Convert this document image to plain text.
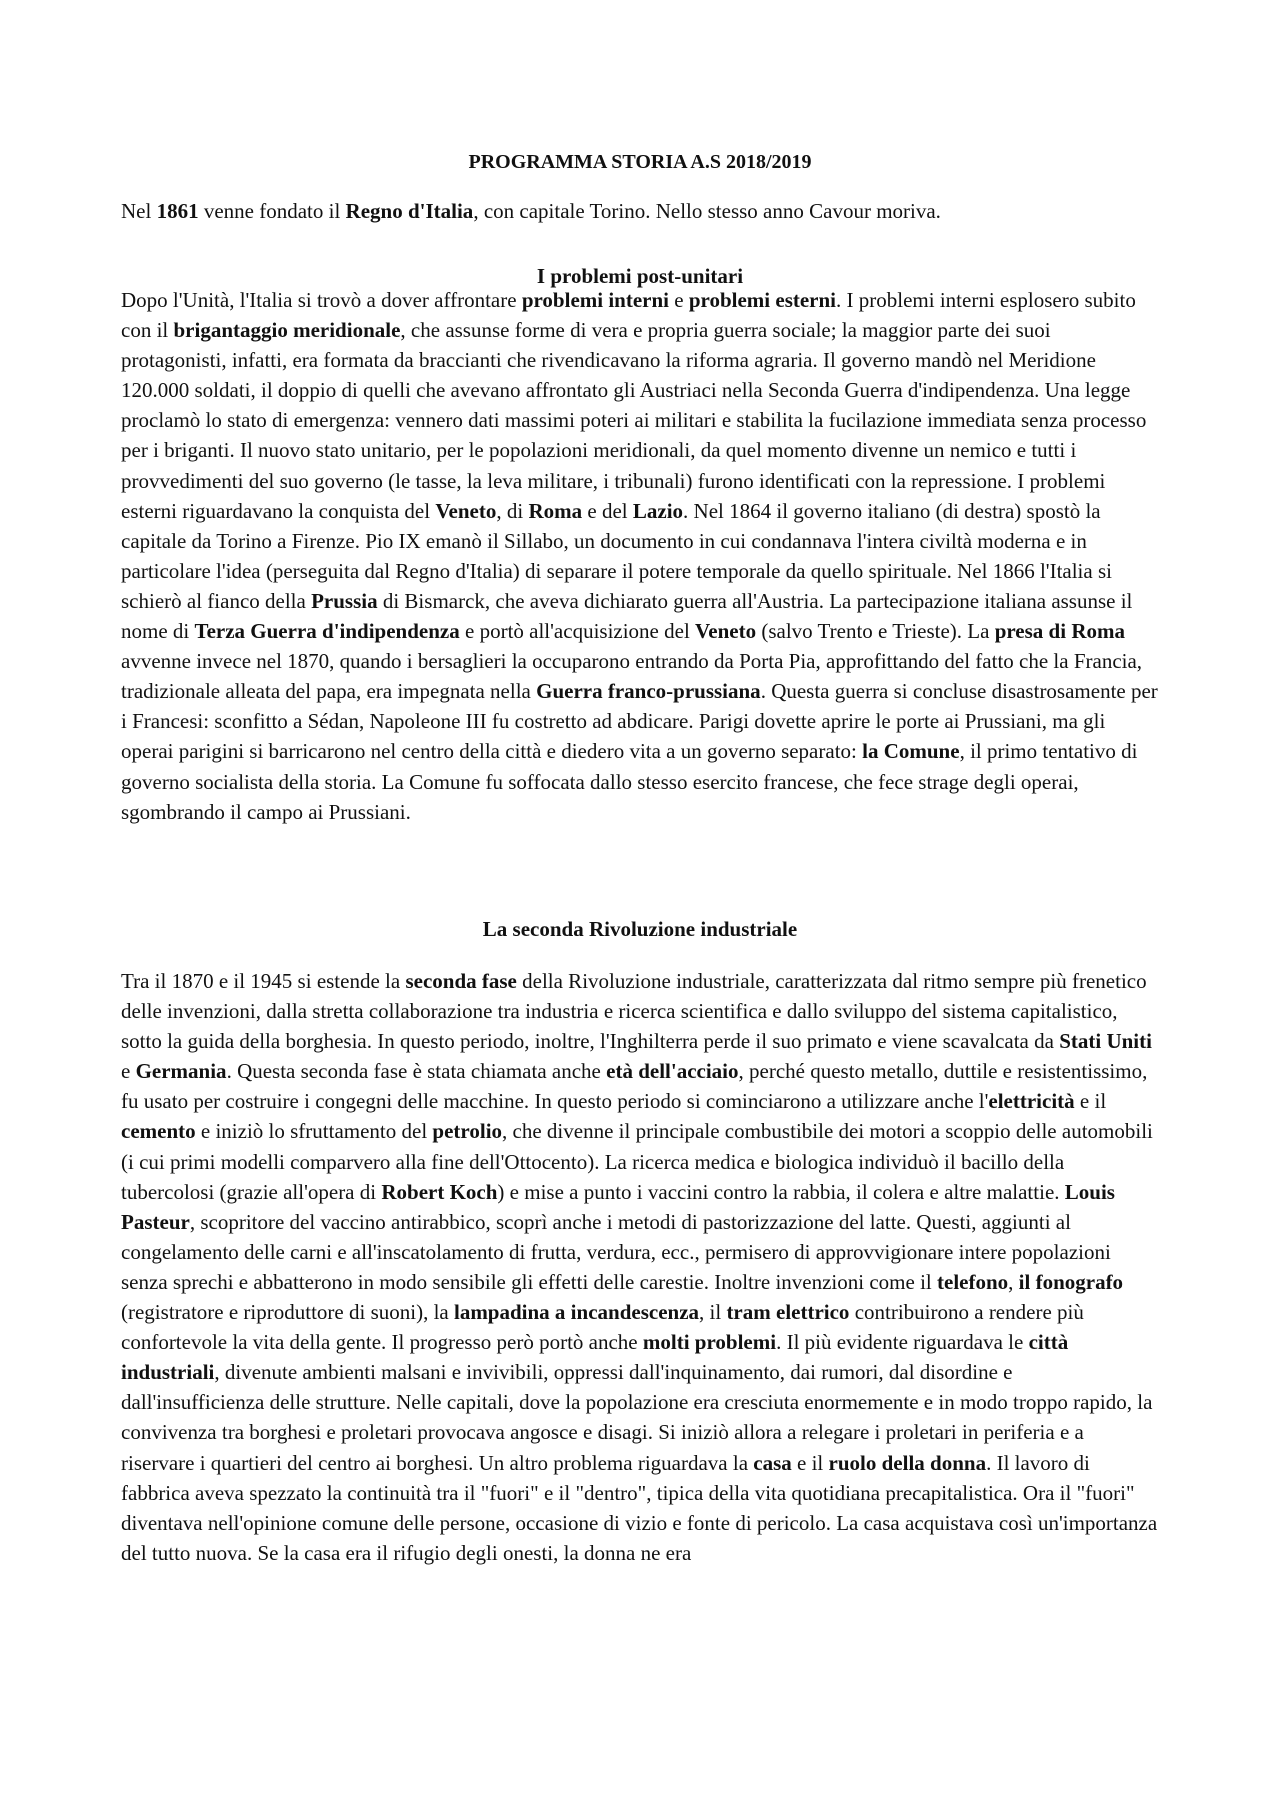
PROGRAMMA STORIA A.S 2018/2019

Nel 1861 venne fondato il Regno d'Italia, con capitale Torino. Nello stesso anno Cavour moriva.

I problemi post-unitari

Dopo l'Unità, l'Italia si trovò a dover affrontare problemi interni e problemi esterni. I problemi interni esplosero subito con il brigantaggio meridionale, che assunse forme di vera e propria guerra sociale; la maggior parte dei suoi protagonisti, infatti, era formata da braccianti che rivendicavano la riforma agraria. Il governo mandò nel Meridione 120.000 soldati, il doppio di quelli che avevano affrontato gli Austriaci nella Seconda Guerra d'indipendenza. Una legge proclamò lo stato di emergenza: vennero dati massimi poteri ai militari e stabilita la fucilazione immediata senza processo per i briganti. Il nuovo stato unitario, per le popolazioni meridionali, da quel momento divenne un nemico e tutti i provvedimenti del suo governo (le tasse, la leva militare, i tribunali) furono identificati con la repressione. I problemi esterni riguardavano la conquista del Veneto, di Roma e del Lazio. Nel 1864 il governo italiano (di destra) spostò la capitale da Torino a Firenze. Pio IX emanò il Sillabo, un documento in cui condannava l'intera civiltà moderna e in particolare l'idea (perseguita dal Regno d'Italia) di separare il potere temporale da quello spirituale. Nel 1866 l'Italia si schierò al fianco della Prussia di Bismarck, che aveva dichiarato guerra all'Austria. La partecipazione italiana assunse il nome di Terza Guerra d'indipendenza e portò all'acquisizione del Veneto (salvo Trento e Trieste). La presa di Roma avvenne invece nel 1870, quando i bersaglieri la occuparono entrando da Porta Pia, approfittando del fatto che la Francia, tradizionale alleata del papa, era impegnata nella Guerra franco-prussiana. Questa guerra si concluse disastrosamente per i Francesi: sconfitto a Sédan, Napoleone III fu costretto ad abdicare. Parigi dovette aprire le porte ai Prussiani, ma gli operai parigini si barricarono nel centro della città e diedero vita a un governo separato: la Comune, il primo tentativo di governo socialista della storia. La Comune fu soffocata dallo stesso esercito francese, che fece strage degli operai, sgombrando il campo ai Prussiani.

La seconda Rivoluzione industriale

Tra il 1870 e il 1945 si estende la seconda fase della Rivoluzione industriale, caratterizzata dal ritmo sempre più frenetico delle invenzioni, dalla stretta collaborazione tra industria e ricerca scientifica e dallo sviluppo del sistema capitalistico, sotto la guida della borghesia. In questo periodo, inoltre, l'Inghilterra perde il suo primato e viene scavalcata da Stati Uniti e Germania. Questa seconda fase è stata chiamata anche età dell'acciaio, perché questo metallo, duttile e resistentissimo, fu usato per costruire i congegni delle macchine. In questo periodo si cominciarono a utilizzare anche l'elettricità e il cemento e iniziò lo sfruttamento del petrolio, che divenne il principale combustibile dei motori a scoppio delle automobili (i cui primi modelli comparvero alla fine dell'Ottocento). La ricerca medica e biologica individuò il bacillo della tubercolosi (grazie all'opera di Robert Koch) e mise a punto i vaccini contro la rabbia, il colera e altre malattie. Louis Pasteur, scopritore del vaccino antirabbico, scoprì anche i metodi di pastorizzazione del latte. Questi, aggiunti al congelamento delle carni e all'inscatolamento di frutta, verdura, ecc., permisero di approvvigionare intere popolazioni senza sprechi e abbatterono in modo sensibile gli effetti delle carestie. Inoltre invenzioni come il telefono, il fonografo (registratore e riproduttore di suoni), la lampadina a incandescenza, il tram elettrico contribuirono a rendere più confortevole la vita della gente. Il progresso però portò anche molti problemi. Il più evidente riguardava le città industriali, divenute ambienti malsani e invivibili, oppressi dall'inquinamento, dai rumori, dal disordine e dall'insufficienza delle strutture. Nelle capitali, dove la popolazione era cresciuta enormemente e in modo troppo rapido, la convivenza tra borghesi e proletari provocava angosce e disagi. Si iniziò allora a relegare i proletari in periferia e a riservare i quartieri del centro ai borghesi. Un altro problema riguardava la casa e il ruolo della donna. Il lavoro di fabbrica aveva spezzato la continuità tra il "fuori" e il "dentro", tipica della vita quotidiana precapitalistica. Ora il "fuori" diventava nell'opinione comune delle persone, occasione di vizio e fonte di pericolo. La casa acquistava così un'importanza del tutto nuova. Se la casa era il rifugio degli onesti, la donna ne era
